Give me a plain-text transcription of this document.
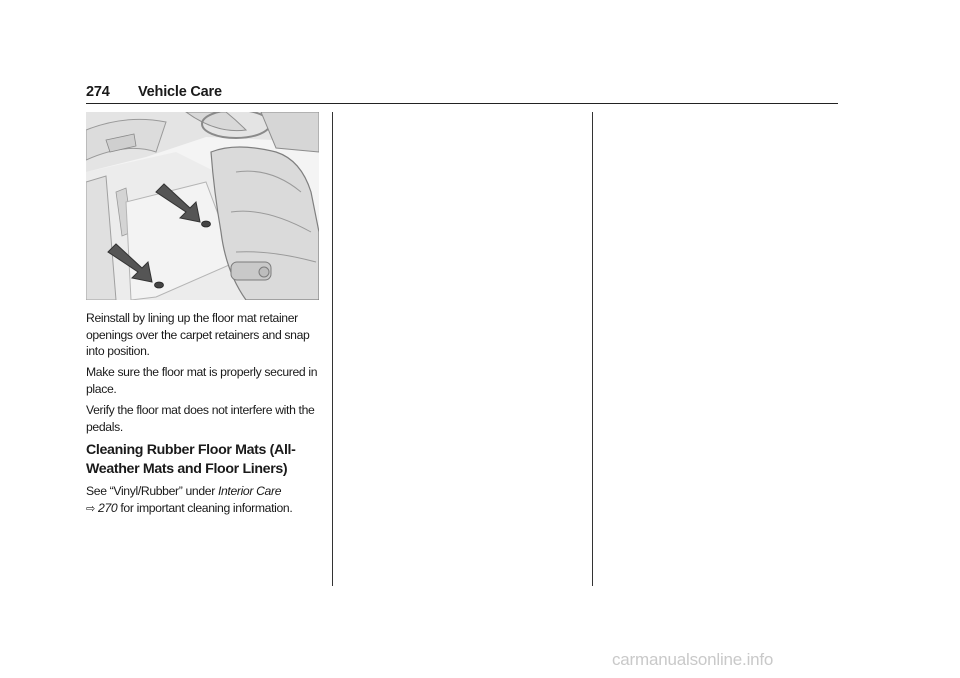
274 Vehicle Care

Reinstall by lining up the floor mat retainer openings over the carpet retainers and snap into position.

Make sure the floor mat is properly secured in place.

Verify the floor mat does not interfere with the pedals.

Cleaning Rubber Floor Mats (All-Weather Mats and Floor Liners)

See “Vinyl/Rubber” under Interior Care
⇨ 270 for important cleaning information.

carmanualsonline.info
